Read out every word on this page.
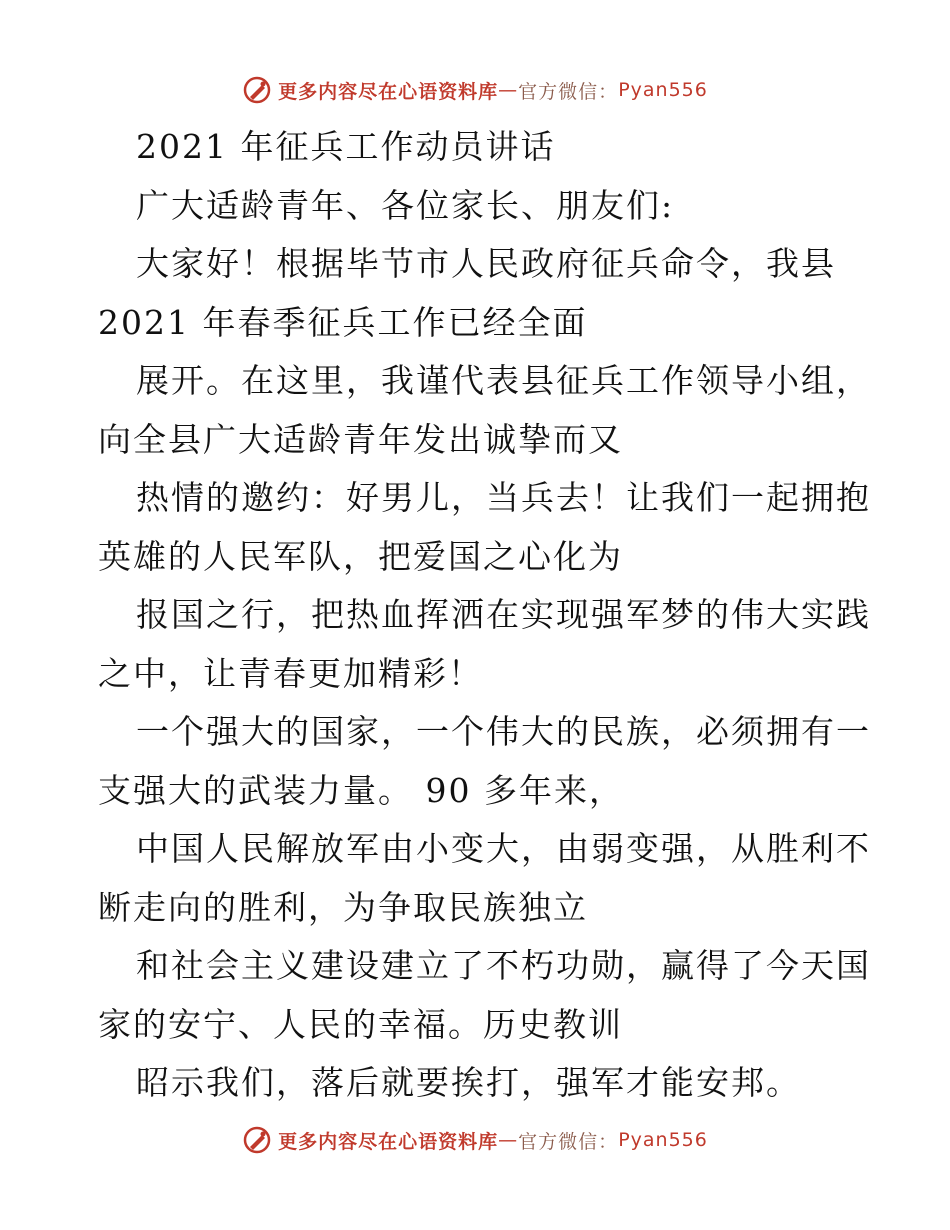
更多内容尽在心语资料库 — 官方微信： Pyan556
2021 年征兵工作动员讲话
广大适龄青年、各位家长、朋友们:
大家好！根据毕节市人民政府征兵命令，我县
2021 年春季征兵工作已经全面
展开。在这里，我谨代表县征兵工作领导小组，
向全县广大适龄青年发出诚挚而又
热情的邀约：好男儿，当兵去！让我们一起拥抱
英雄的人民军队，把爱国之心化为
报国之行，把热血挥洒在实现强军梦的伟大实践
之中，让青春更加精彩！
一个强大的国家，一个伟大的民族，必须拥有一
支强大的武装力量。 90 多年来，
中国人民解放军由小变大，由弱变强，从胜利不
断走向的胜利，为争取民族独立
和社会主义建设建立了不朽功勋，赢得了今天国
家的安宁、人民的幸福。历史教训
昭示我们，落后就要挨打，强军才能安邦。
更多内容尽在心语资料库 — 官方微信： Pyan556
